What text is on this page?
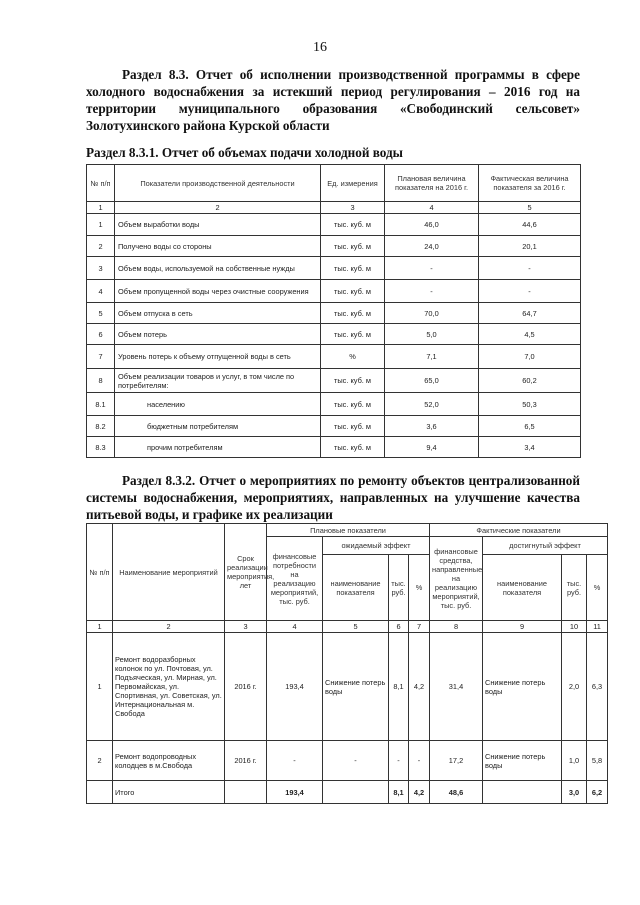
16

Раздел 8.3. Отчет об исполнении производственной программы в сфере холодного водоснабжения за истекший период регулирования – 2016 год на территории муниципального образования «Свободинский сельсовет» Золотухинского района Курской области

Раздел 8.3.1. Отчет об объемах подачи холодной воды
№ п/п	Показатели производственной деятельности	Ед. измерения	Плановая величина показателя на 2016 г.	Фактическая величина показателя за 2016 г.
1	2	3	4	5
1	Объем выработки воды	тыс. куб. м	46,0	44,6
2	Получено воды со стороны	тыс. куб. м	24,0	20,1
3	Объем воды, используемой на собственные нужды	тыс. куб. м	-	-
4	Объем пропущенной воды через очистные сооружения	тыс. куб. м	-	-
5	Объем отпуска в сеть	тыс. куб. м	70,0	64,7
6	Объем потерь	тыс. куб. м	5,0	4,5
7	Уровень потерь к объему отпущенной воды в сеть	%	7,1	7,0
8	Объем реализации товаров и услуг, в том числе по потребителям:	тыс. куб. м	65,0	60,2
8.1	населению	тыс. куб. м	52,0	50,3
8.2	бюджетным потребителям	тыс. куб. м	3,6	6,5
8.3	прочим потребителям	тыс. куб. м	9,4	3,4
Раздел 8.3.2. Отчет о мероприятиях по ремонту объектов централизованной системы водоснабжения, мероприятиях, направленных на улучшение качества питьевой воды, и графике их реализации
№ п/п	Наименование мероприятий	Срок реализации мероприятия, лет	Плановые показатели				Фактические показатели			
			финансовые потребности на реализацию мероприятий, тыс. руб.	ожидаемый эффект			финансовые средства, направленные на реализацию мероприятий, тыс. руб.	достигнутый эффект		
				наименование показателя	тыс. руб.	%		наименование показателя	тыс. руб.	%
1	2	3	4	5	6	7	8	9	10	11
1	Ремонт водоразборных колонок по ул. Почтовая, ул. Подъяческая, ул. Мирная, ул. Первомайская, ул. Спортивная, ул. Советская, ул. Интернациональная м. Свобода	2016 г.	193,4	Снижение потерь воды	8,1	4,2	31,4	Снижение потерь воды	2,0	6,3
2	Ремонт водопроводных колодцев в м.Свобода	2016 г.	-	-	-	-	17,2	Снижение потерь воды	1,0	5,8
	Итого		193,4		8,1	4,2	48,6		3,0	6,2
